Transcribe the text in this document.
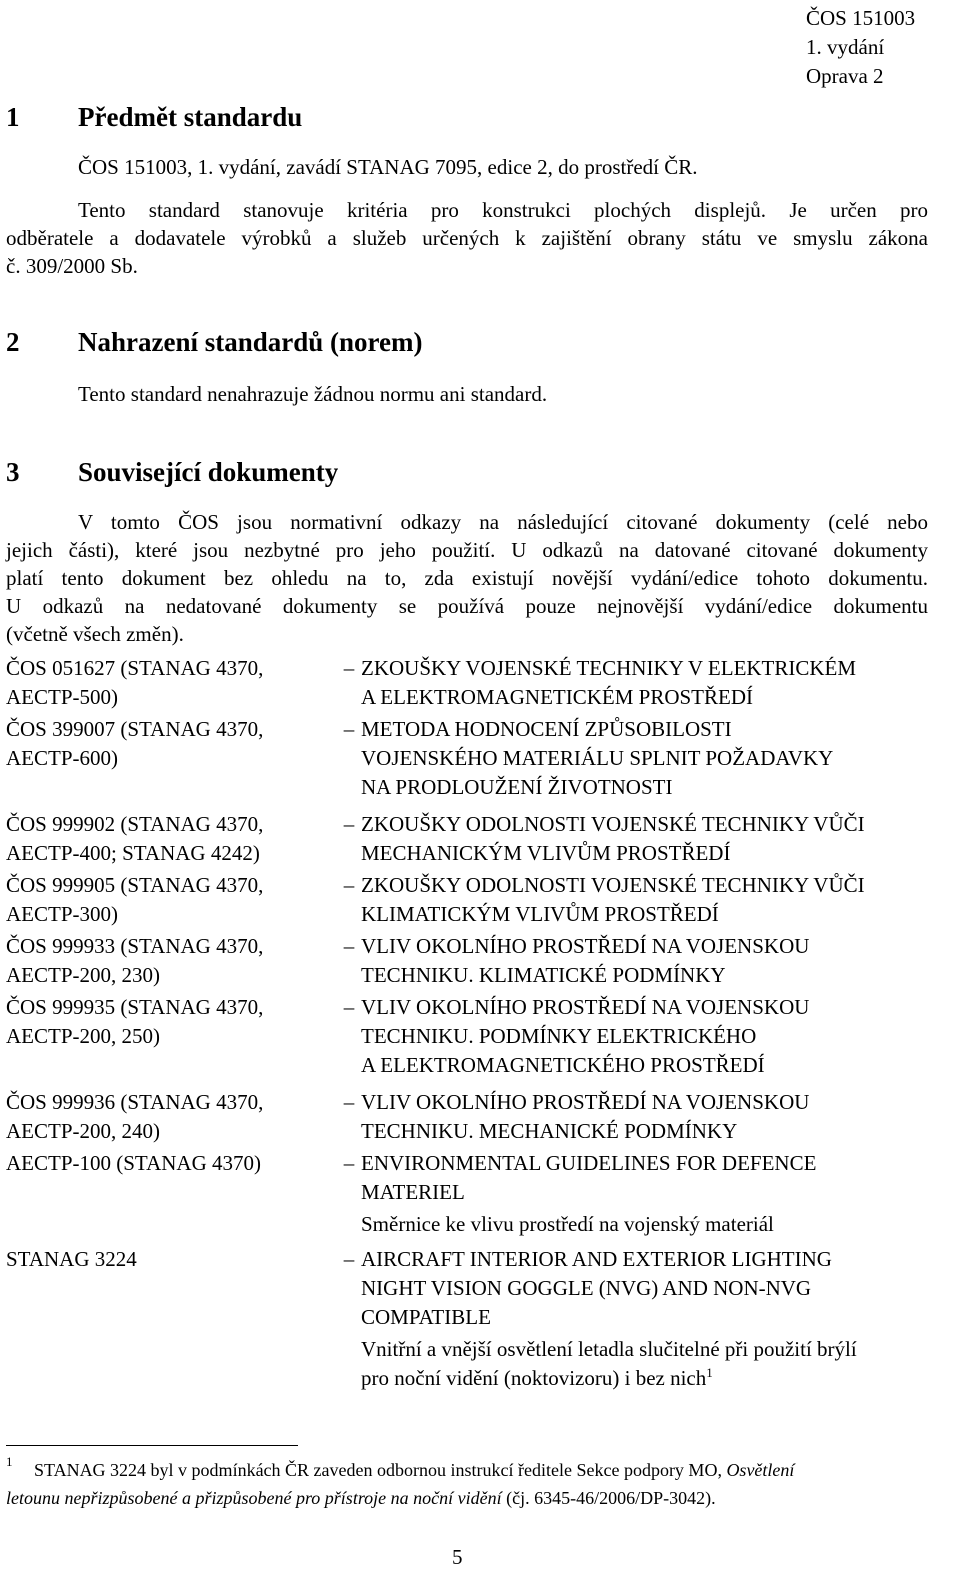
ČOS 151003
1. vydání
Oprava 2
1 Předmět standardu
ČOS 151003, 1. vydání, zavádí STANAG 7095, edice 2, do prostředí ČR.
Tento standard stanovuje kritéria pro konstrukci plochých displejů. Je určen pro
odběratele a dodavatele výrobků a služeb určených k zajištění obrany státu ve smyslu zákona
č. 309/2000 Sb.
2 Nahrazení standardů (norem)
Tento standard nenahrazuje žádnou normu ani standard.
3 Související dokumenty
V tomto ČOS jsou normativní odkazy na následující citované dokumenty (celé nebo
jejich části), které jsou nezbytné pro jeho použití. U odkazů na datované citované dokumenty
platí tento dokument bez ohledu na to, zda existují novější vydání/edice tohoto dokumentu.
U odkazů na nedatované dokumenty se používá pouze nejnovější vydání/edice dokumentu
(včetně všech změn).
ČOS 051627 (STANAG 4370,
AECTP-500)
– ZKOUŠKY VOJENSKÉ TECHNIKY V ELEKTRICKÉM
A ELEKTROMAGNETICKÉM PROSTŘEDÍ
ČOS 399007 (STANAG 4370,
AECTP-600)
– METODA HODNOCENÍ ZPŮSOBILOSTI
VOJENSKÉHO MATERIÁLU SPLNIT POŽADAVKY
NA PRODLOUŽENÍ ŽIVOTNOSTI
ČOS 999902 (STANAG 4370,
AECTP-400; STANAG 4242)
– ZKOUŠKY ODOLNOSTI VOJENSKÉ TECHNIKY VŮČI
MECHANICKÝM VLIVŮM PROSTŘEDÍ
ČOS 999905 (STANAG 4370,
AECTP-300)
– ZKOUŠKY ODOLNOSTI VOJENSKÉ TECHNIKY VŮČI
KLIMATICKÝM VLIVŮM PROSTŘEDÍ
ČOS 999933 (STANAG 4370,
AECTP-200, 230)
– VLIV OKOLNÍHO PROSTŘEDÍ NA VOJENSKOU
TECHNIKU. KLIMATICKÉ PODMÍNKY
ČOS 999935 (STANAG 4370,
AECTP-200, 250)
– VLIV OKOLNÍHO PROSTŘEDÍ NA VOJENSKOU
TECHNIKU. PODMÍNKY ELEKTRICKÉHO
A ELEKTROMAGNETICKÉHO PROSTŘEDÍ
ČOS 999936 (STANAG 4370,
AECTP-200, 240)
– VLIV OKOLNÍHO PROSTŘEDÍ NA VOJENSKOU
TECHNIKU. MECHANICKÉ PODMÍNKY
AECTP-100 (STANAG 4370)	– ENVIRONMENTAL GUIDELINES FOR DEFENCE
MATERIEL
Směrnice ke vlivu prostředí na vojenský materiál
STANAG 3224	– AIRCRAFT INTERIOR AND EXTERIOR LIGHTING
NIGHT VISION GOGGLE (NVG) AND NON-NVG
COMPATIBLE
Vnitřní a vnější osvětlení letadla slučitelné při použití brýlí
pro noční vidění (noktovizoru) i bez nich$^1$
1	STANAG 3224 byl v podmínkách ČR zaveden odbornou instrukcí ředitele Sekce podpory MO, Osvětlení
letounu nepřizpůsobené a přizpůsobené pro přístroje na noční vidění (čj. 6345-46/2006/DP-3042).
5
